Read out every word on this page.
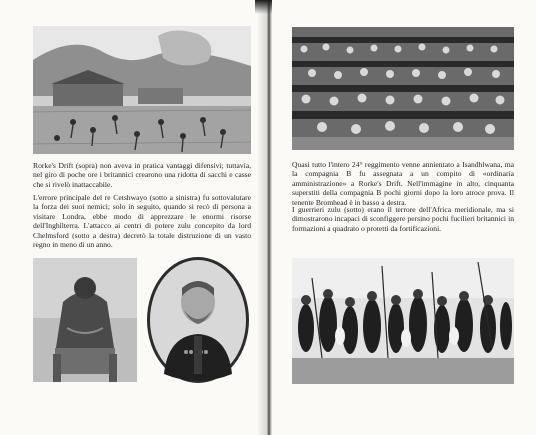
Rorke's Drift (sopra) non aveva in pratica vantaggi difensivi; tuttavia, nel giro di poche ore i britannici crearono una ridotta di sacchi e casse che si rivelò inattaccabile.

L'errore principale del re Cetshwayo (sotto a sinistra) fu sottovalutare la forza dei suoi nemici; solo in seguito, quando si recò di persona a visitare Londra, ebbe modo di apprezzare le enormi risorse dell'Inghilterra. L'attacco ai centri di potere zulu concepito da lord Chelmsford (sotto a destra) decretò la totale distruzione di un vasto regno in meno di un anno.

Quasi tutto l'intero 24° reggimento venne annientato a Isandhlwana, ma la compagnia B fu assegnata a un compito di «ordinaria amministrazione» a Rorke's Drift. Nell'immagine in alto, cinquanta superstiti della compagnia B pochi giorni dopo la loro atroce prova. Il tenente Bromhead è in basso a destra.

I guerrieri zulu (sotto) erano il terrore dell'Africa meridionale, ma si dimostrarono incapaci di sconfiggere persino pochi fucilieri britannici in formazioni a quadrato o protetti da fortificazioni.
